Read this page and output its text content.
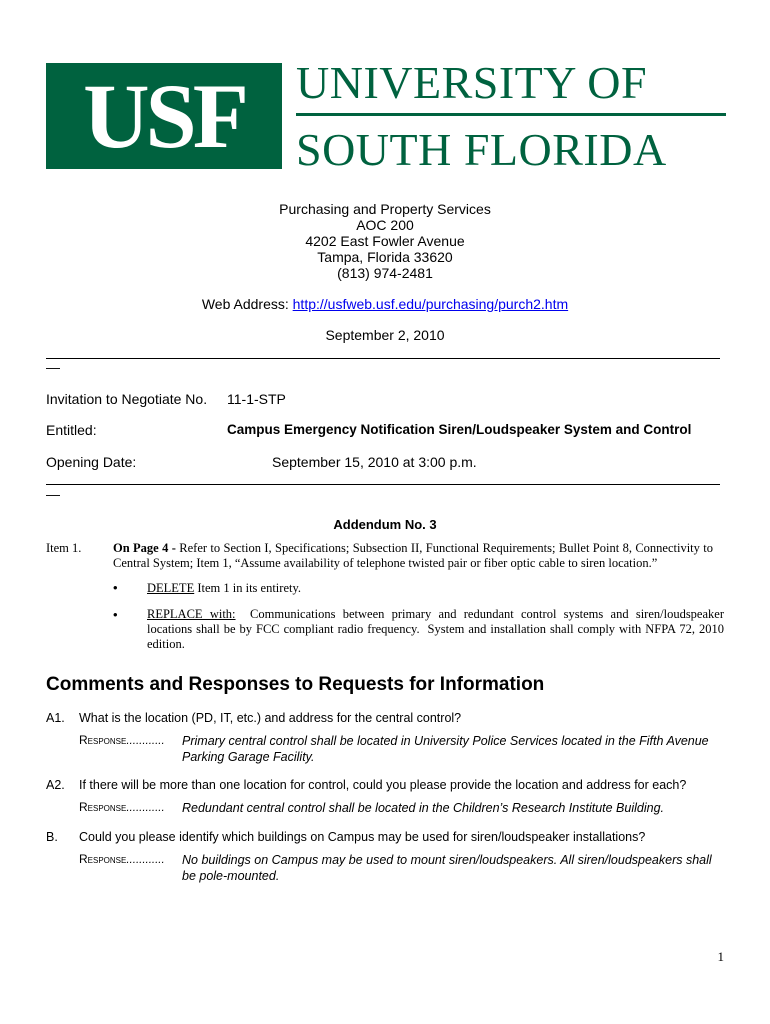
USF UNIVERSITY OF
SOUTH FLORIDA
Purchasing and Property Services
AOC 200
4202 East Fowler Avenue
Tampa, Florida 33620
(813) 974-2481
Web Address: http://usfweb.usf.edu/purchasing/purch2.htm
September 2, 2010
—
Invitation to Negotiate No. 11-1-STP
Entitled:	Campus Emergency Notification Siren/Loudspeaker System and Control
Opening Date:	September 15, 2010 at 3:00 p.m.
—
Addendum No. 3
Item 1.	On Page 4 - Refer to Section I, Specifications; Subsection II, Functional Requirements; Bullet Point 8, Connectivity to Central System; Item 1, “Assume availability of telephone twisted pair or fiber optic cable to siren location.”
• DELETE Item 1 in its entirety.
• REPLACE with:  Communications between primary and redundant control systems and siren/loudspeaker locations shall be by FCC compliant radio frequency.  System and installation shall comply with NFPA 72, 2010 edition.
Comments and Responses to Requests for Information
A1. What is the location (PD, IT, etc.) and address for the central control?
Response............ Primary central control shall be located in University Police Services located in the Fifth Avenue Parking Garage Facility.
A2. If there will be more than one location for control, could you please provide the location and address for each?
Response............ Redundant central control shall be located in the Children’s Research Institute Building.
B. Could you please identify which buildings on Campus may be used for siren/loudspeaker installations?
Response............ No buildings on Campus may be used to mount siren/loudspeakers. All siren/loudspeakers shall be pole-mounted.
1
